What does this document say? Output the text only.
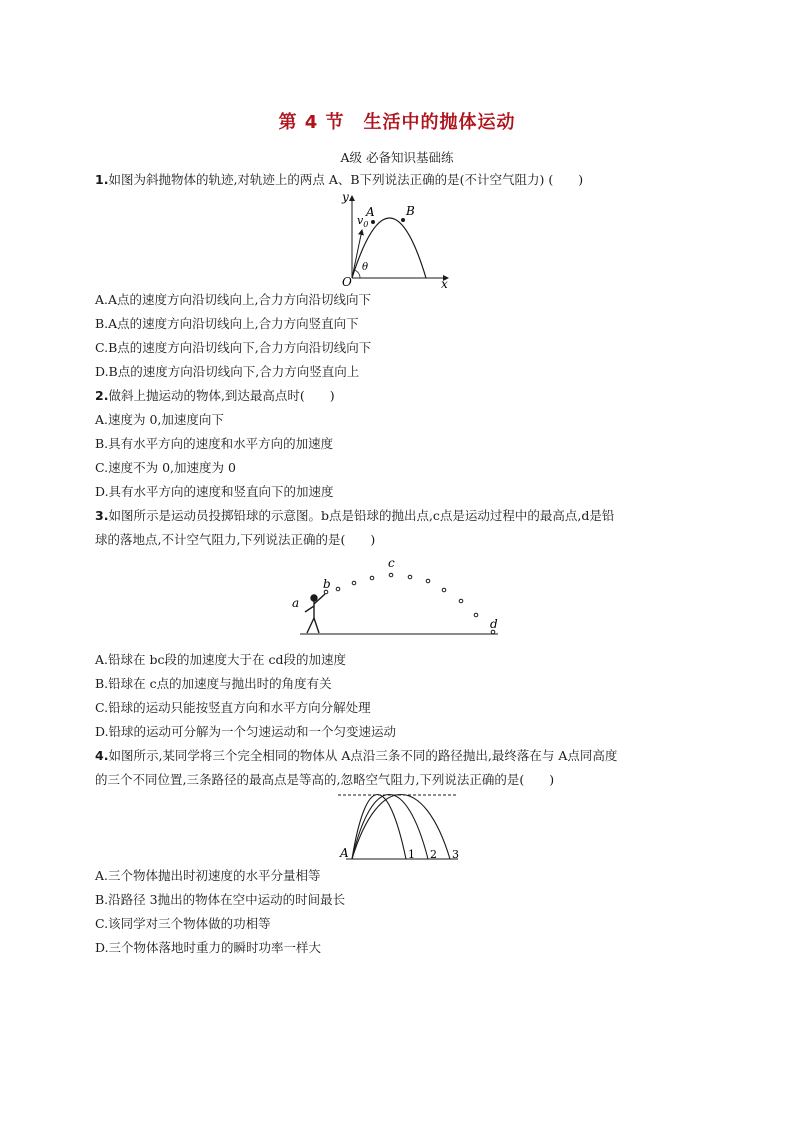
第 4 节　生活中的抛体运动
A级 必备知识基础练
1.如图为斜抛物体的轨迹,对轨迹上的两点 A、B下列说法正确的是(不计空气阻力) (　　)
y
x
O
A	B
$v_0$
θ
A.A点的速度方向沿切线向上,合力方向沿切线向下
B.A点的速度方向沿切线向上,合力方向竖直向下
C.B点的速度方向沿切线向下,合力方向沿切线向下
D.B点的速度方向沿切线向下,合力方向竖直向上
2.做斜上抛运动的物体,到达最高点时(　　)
A.速度为 0,加速度向下
B.具有水平方向的速度和水平方向的加速度
C.速度不为 0,加速度为 0
D.具有水平方向的速度和竖直向下的加速度
3.如图所示是运动员投掷铅球的示意图。b点是铅球的抛出点,c点是运动过程中的最高点,d是铅
球的落地点,不计空气阻力,下列说法正确的是(　　)
a
b
c
d
A.铅球在 bc段的加速度大于在 cd段的加速度
B.铅球在 c点的加速度与抛出时的角度有关
C.铅球的运动只能按竖直方向和水平方向分解处理
D.铅球的运动可分解为一个匀速运动和一个匀变速运动
4.如图所示,某同学将三个完全相同的物体从 A点沿三条不同的路径抛出,最终落在与 A点同高度
的三个不同位置,三条路径的最高点是等高的,忽略空气阻力,下列说法正确的是(　　)
A	1 2 3
A.三个物体抛出时初速度的水平分量相等
B.沿路径 3抛出的物体在空中运动的时间最长
C.该同学对三个物体做的功相等
D.三个物体落地时重力的瞬时功率一样大
